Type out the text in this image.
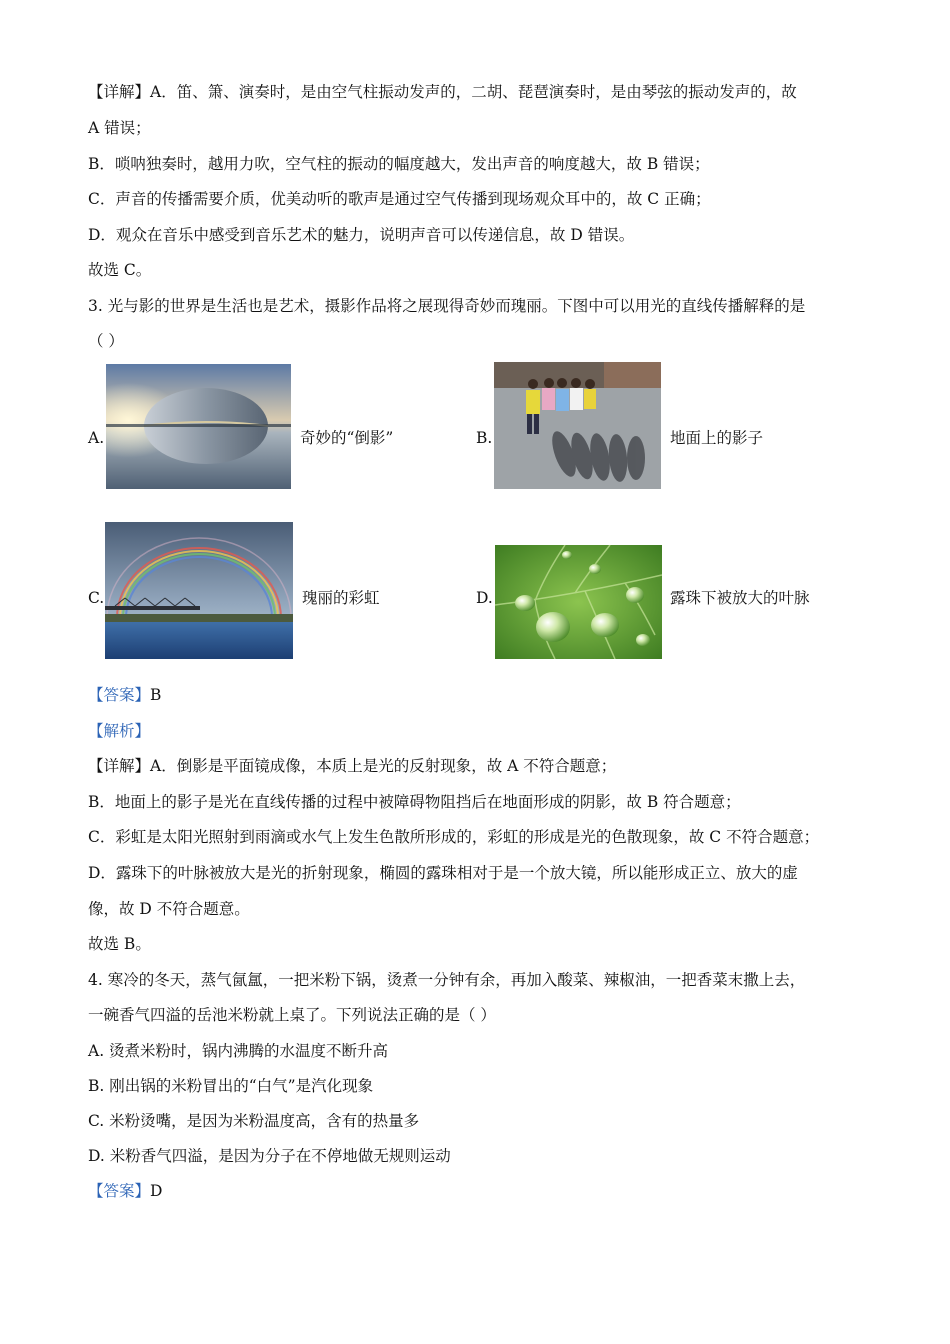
【详解】A．笛、箫、演奏时，是由空气柱振动发声的，二胡、琵琶演奏时，是由琴弦的振动发声的，故
A 错误；
B．唢呐独奏时，越用力吹，空气柱的振动的幅度越大，发出声音的响度越大，故 B 错误；
C．声音的传播需要介质，优美动听的歌声是通过空气传播到现场观众耳中的，故 C 正确；
D．观众在音乐中感受到音乐艺术的魅力，说明声音可以传递信息，故 D 错误。
故选 C。
3. 光与影的世界是生活也是艺术，摄影作品将之展现得奇妙而瑰丽。下图中可以用光的直线传播解释的是
（ ）
A.	奇妙的“倒影”	B.	地面上的影子
C.	瑰丽的彩虹	D.	露珠下被放大的叶脉
【答案】B
【解析】
【详解】A．倒影是平面镜成像，本质上是光的反射现象，故 A 不符合题意；
B．地面上的影子是光在直线传播的过程中被障碍物阻挡后在地面形成的阴影，故 B 符合题意；
C．彩虹是太阳光照射到雨滴或水气上发生色散所形成的，彩虹的形成是光的色散现象，故 C 不符合题意；
D．露珠下的叶脉被放大是光的折射现象，椭圆的露珠相对于是一个放大镜，所以能形成正立、放大的虚
像，故 D 不符合题意。
故选 B。
4. 寒冷的冬天，蒸气氤氲，一把米粉下锅，烫煮一分钟有余，再加入酸菜、辣椒油，一把香菜末撒上去，
一碗香气四溢的岳池米粉就上桌了。下列说法正确的是（ ）
A. 烫煮米粉时，锅内沸腾的水温度不断升高
B. 刚出锅的米粉冒出的“白气”是汽化现象
C. 米粉烫嘴，是因为米粉温度高，含有的热量多
D. 米粉香气四溢，是因为分子在不停地做无规则运动
【答案】D
